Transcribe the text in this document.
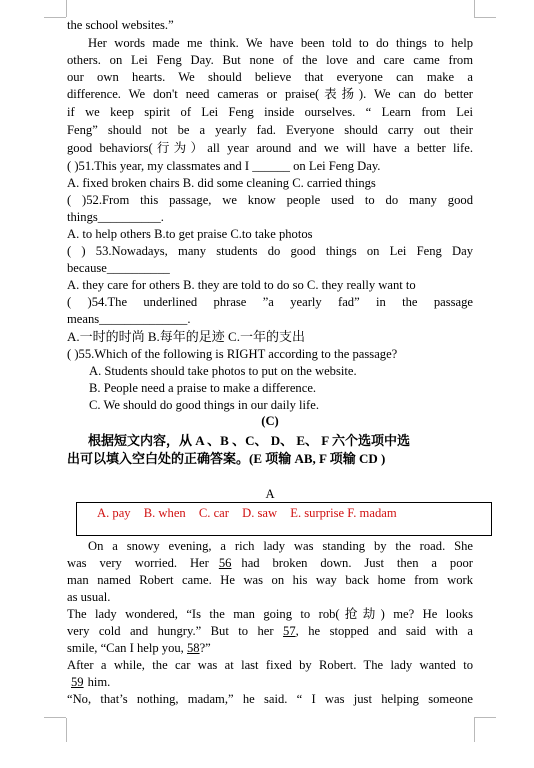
the school websites.”
Her words made me think. We have been told to do things to help
others. on Lei Feng Day. But none of the love and care came from
our own hearts. We should believe that everyone can make a
difference. We don't need cameras or praise(表扬). We can do better
if we keep spirit of Lei Feng inside ourselves. “ Learn from Lei
Feng” should not be a yearly fad. Everyone should carry out their
good behaviors(行为）all year around and we will have a better life.
( )51.This year, my classmates and I ______ on Lei Feng Day.
A. fixed broken chairs B. did some cleaning C. carried things
( )52.From this passage, we know people used to do many good
things__________.
A. to help others B.to get praise C.to take photos
( ) 53.Nowadays, many students do good things on Lei Feng Day
because__________
A. they care for others B. they are told to do so C. they really want to
( )54.The underlined phrase ”a yearly fad” in the passage
means______________.
A.一时的时尚 B.每年的足迹 C.一年的支出
( )55.Which of the following is RIGHT according to the passage?
A. Students should take photos to put on the website.
B. People need a praise to make a difference.
C. We should do good things in our daily life.
(C)
根据短文内容，从 A 、B 、C、 D、 E、 F 六个选项中选
出可以填入空白处的正确答案。(E 项输 AB, F 项输 CD )
A
A. pay B. when C. car D. saw E. surprise F. madam
On a snowy evening, a rich lady was standing by the road. She
was very worried. Her 56 had broken down. Just then a poor
man named Robert came. He was on his way back home from work
as usual.
The lady wondered, “Is the man going to rob(抢劫) me? He looks
very cold and hungry.” But to her 57, he stopped and said with a
smile, “Can I help you, 58?”
After a while, the car was at last fixed by Robert. The lady wanted to
59 him.
“No, that’s nothing, madam,” he said. “ I was just helping someone
